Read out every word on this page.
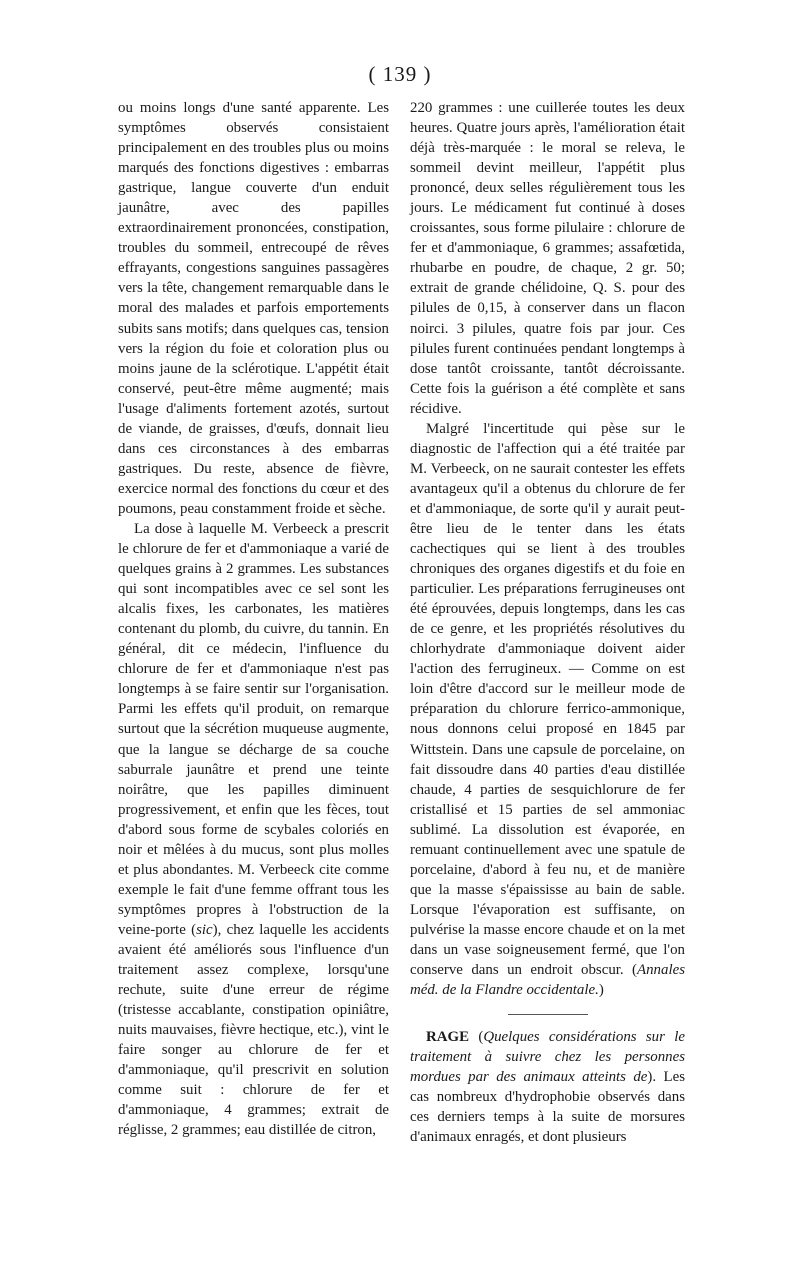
( 139 )

ou moins longs d'une santé apparente. Les symptômes observés consistaient principalement en des troubles plus ou moins marqués des fonctions digestives : embarras gastrique, langue couverte d'un enduit jaunâtre, avec des papilles extraordinairement prononcées, constipation, troubles du sommeil, entrecoupé de rêves effrayants, congestions sanguines passagères vers la tête, changement remarquable dans le moral des malades et parfois emportements subits sans motifs; dans quelques cas, tension vers la région du foie et coloration plus ou moins jaune de la sclérotique. L'appétit était conservé, peut-être même augmenté; mais l'usage d'aliments fortement azotés, surtout de viande, de graisses, d'œufs, donnait lieu dans ces circonstances à des embarras gastriques. Du reste, absence de fièvre, exercice normal des fonctions du cœur et des poumons, peau constamment froide et sèche.

La dose à laquelle M. Verbeeck a prescrit le chlorure de fer et d'ammoniaque a varié de quelques grains à 2 grammes. Les substances qui sont incompatibles avec ce sel sont les alcalis fixes, les carbonates, les matières contenant du plomb, du cuivre, du tannin. En général, dit ce médecin, l'influence du chlorure de fer et d'ammoniaque n'est pas longtemps à se faire sentir sur l'organisation. Parmi les effets qu'il produit, on remarque surtout que la sécrétion muqueuse augmente, que la langue se décharge de sa couche saburrale jaunâtre et prend une teinte noirâtre, que les papilles diminuent progressivement, et enfin que les fèces, tout d'abord sous forme de scybales coloriés en noir et mêlées à du mucus, sont plus molles et plus abondantes. M. Verbeeck cite comme exemple le fait d'une femme offrant tous les symptômes propres à l'obstruction de la veine-porte (sic), chez laquelle les accidents avaient été améliorés sous l'influence d'un traitement assez complexe, lorsqu'une rechute, suite d'une erreur de régime (tristesse accablante, constipation opiniâtre, nuits mauvaises, fièvre hectique, etc.), vint le faire songer au chlorure de fer et d'ammoniaque, qu'il prescrivit en solution comme suit : chlorure de fer et d'ammoniaque, 4 grammes; extrait de réglisse, 2 grammes; eau distillée de citron,

220 grammes : une cuillerée toutes les deux heures. Quatre jours après, l'amélioration était déjà très-marquée : le moral se releva, le sommeil devint meilleur, l'appétit plus prononcé, deux selles régulièrement tous les jours. Le médicament fut continué à doses croissantes, sous forme pilulaire : chlorure de fer et d'ammoniaque, 6 grammes; assafœtida, rhubarbe en poudre, de chaque, 2 gr. 50; extrait de grande chélidoine, Q. S. pour des pilules de 0,15, à conserver dans un flacon noirci. 3 pilules, quatre fois par jour. Ces pilules furent continuées pendant longtemps à dose tantôt croissante, tantôt décroissante. Cette fois la guérison a été complète et sans récidive.

Malgré l'incertitude qui pèse sur le diagnostic de l'affection qui a été traitée par M. Verbeeck, on ne saurait contester les effets avantageux qu'il a obtenus du chlorure de fer et d'ammoniaque, de sorte qu'il y aurait peut-être lieu de le tenter dans les états cachectiques qui se lient à des troubles chroniques des organes digestifs et du foie en particulier. Les préparations ferrugineuses ont été éprouvées, depuis longtemps, dans les cas de ce genre, et les propriétés résolutives du chlorhydrate d'ammoniaque doivent aider l'action des ferrugineux. — Comme on est loin d'être d'accord sur le meilleur mode de préparation du chlorure ferrico-ammonique, nous donnons celui proposé en 1845 par Wittstein. Dans une capsule de porcelaine, on fait dissoudre dans 40 parties d'eau distillée chaude, 4 parties de sesquichlorure de fer cristallisé et 15 parties de sel ammoniac sublimé. La dissolution est évaporée, en remuant continuellement avec une spatule de porcelaine, d'abord à feu nu, et de manière que la masse s'épaississe au bain de sable. Lorsque l'évaporation est suffisante, on pulvérise la masse encore chaude et on la met dans un vase soigneusement fermé, que l'on conserve dans un endroit obscur. (Annales méd. de la Flandre occidentale.)

RAGE (Quelques considérations sur le traitement à suivre chez les personnes mordues par des animaux atteints de). Les cas nombreux d'hydrophobie observés dans ces derniers temps à la suite de morsures d'animaux enragés, et dont plusieurs
